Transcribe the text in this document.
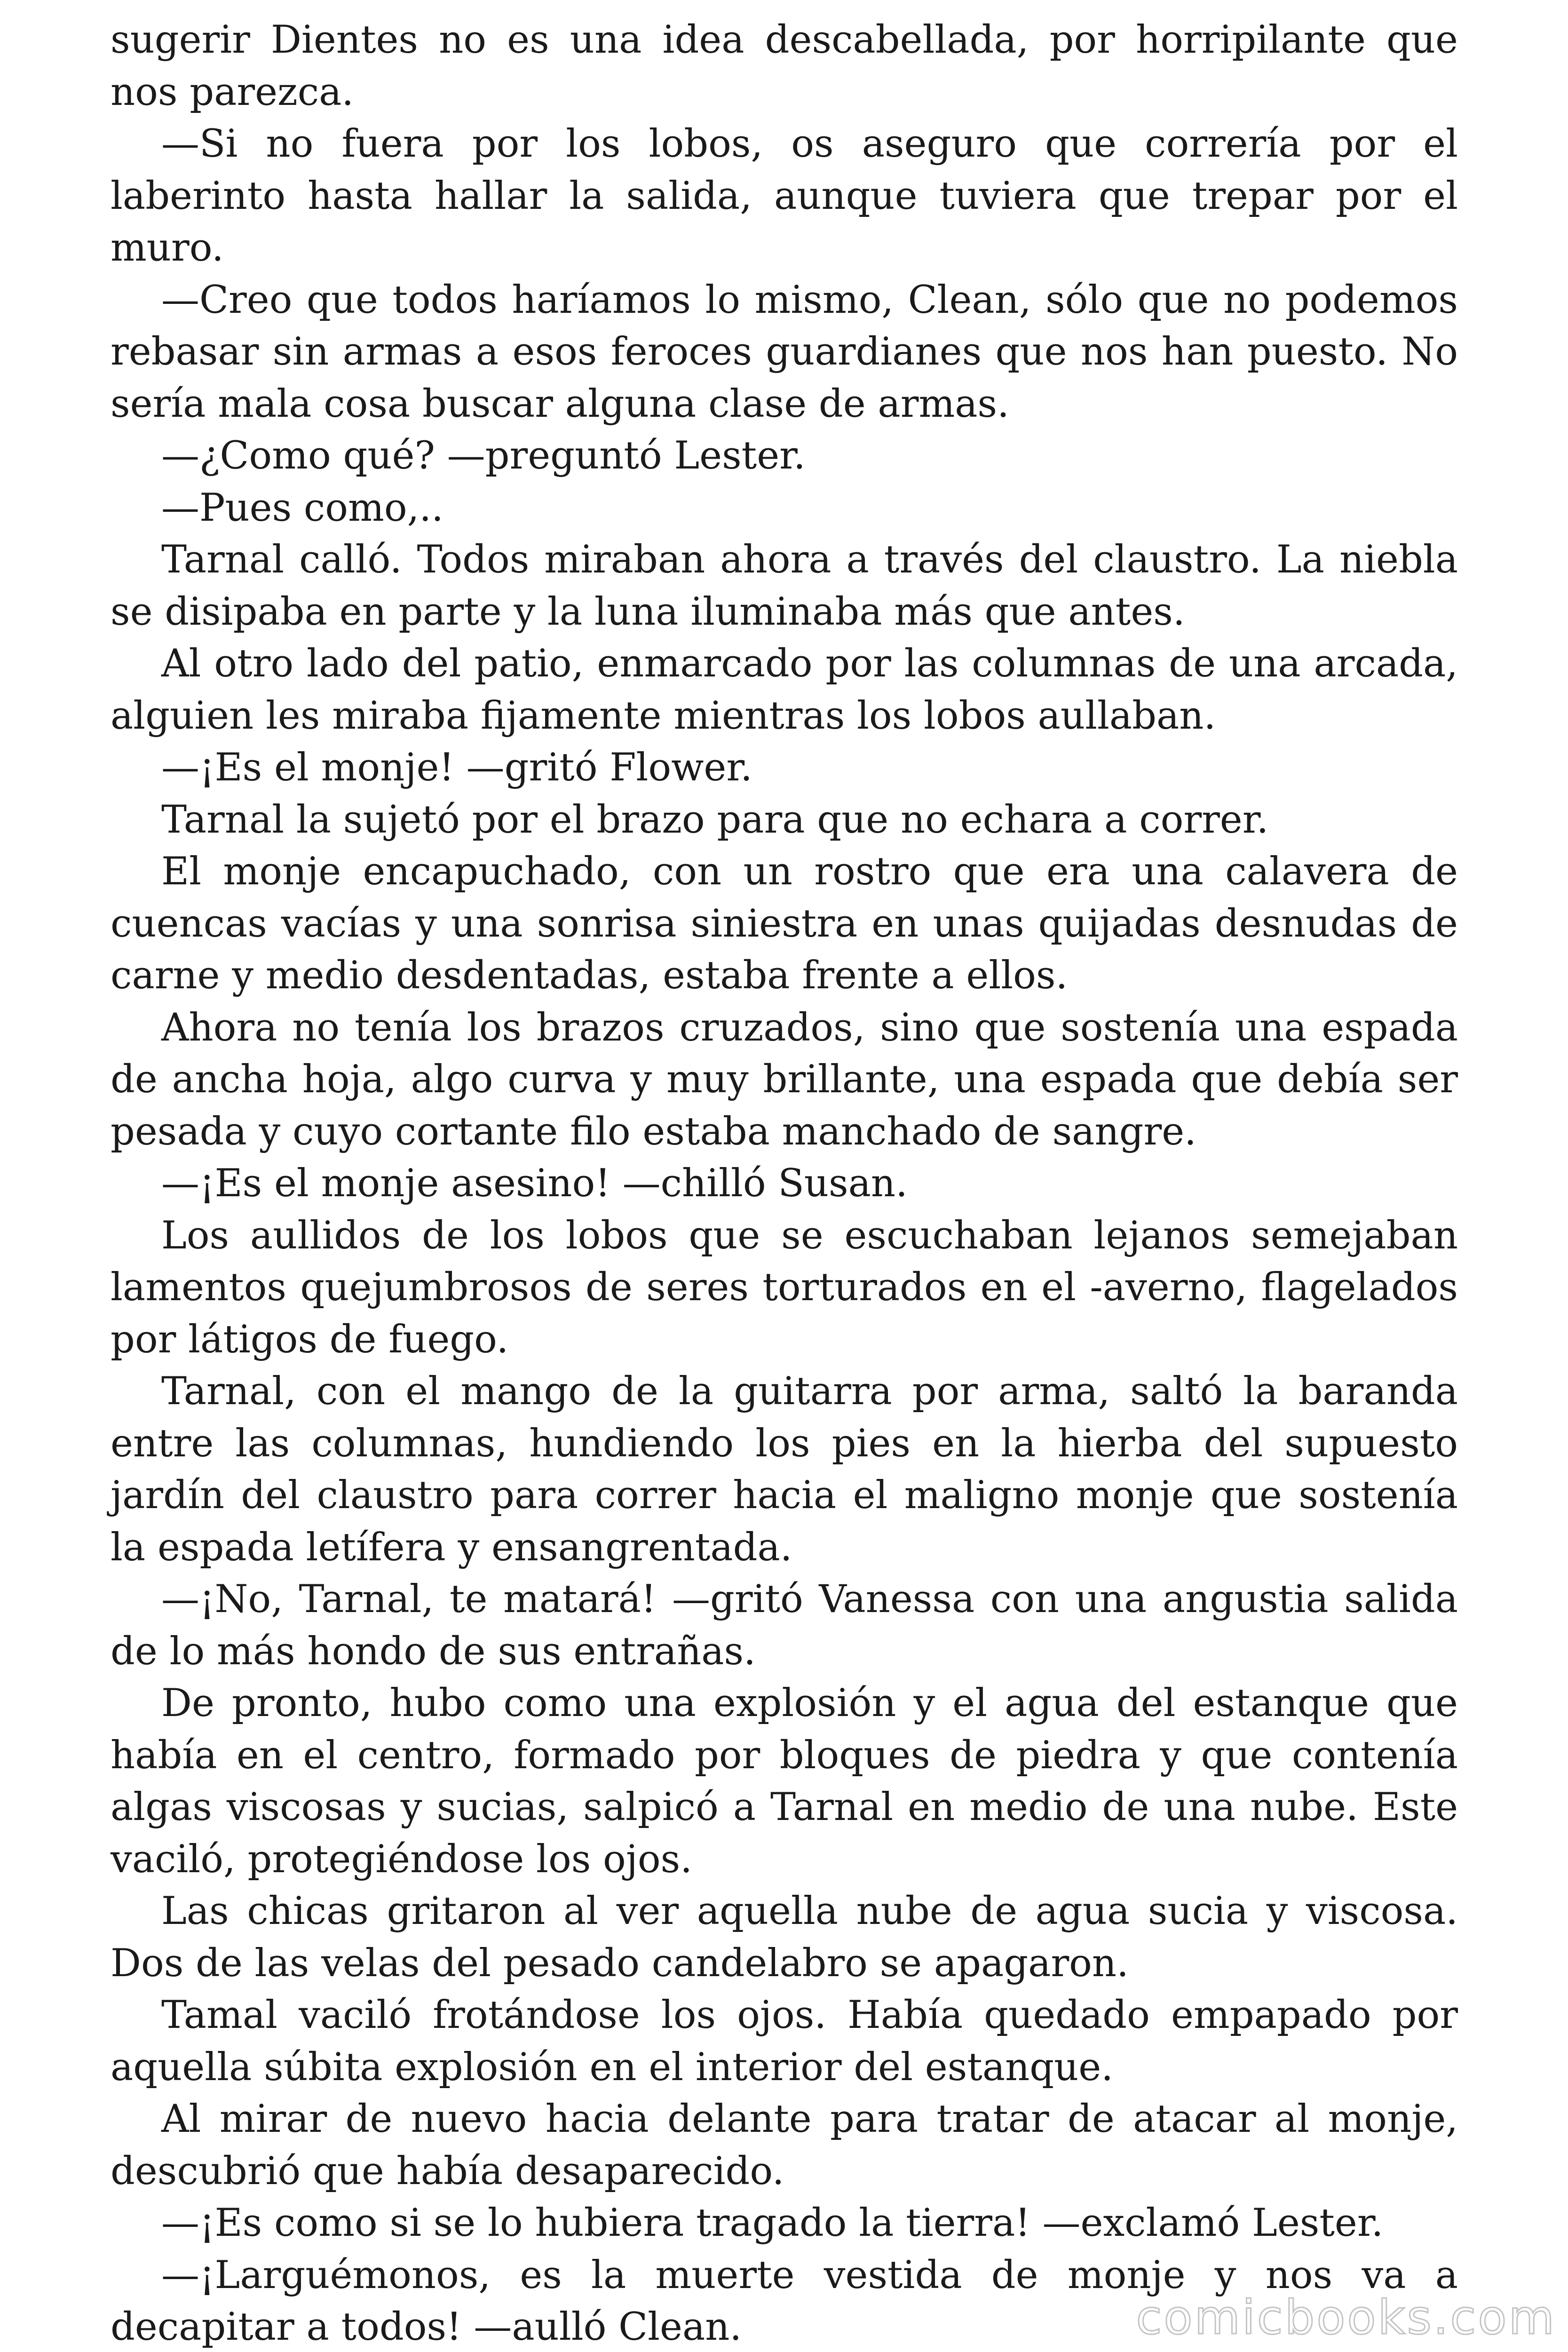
sugerir Dientes no es una idea descabellada, por horripilante que nos parezca.

—Si no fuera por los lobos, os aseguro que correría por el laberinto hasta hallar la salida, aunque tuviera que trepar por el muro.

—Creo que todos haríamos lo mismo, Clean, sólo que no podemos rebasar sin armas a esos feroces guardianes que nos han puesto. No sería mala cosa buscar alguna clase de armas.

—¿Como qué? —preguntó Lester.

—Pues como,..

Tarnal calló. Todos miraban ahora a través del claustro. La niebla se disipaba en parte y la luna iluminaba más que antes.

Al otro lado del patio, enmarcado por las columnas de una arcada, alguien les miraba fijamente mientras los lobos aullaban.

—¡Es el monje! —gritó Flower.

Tarnal la sujetó por el brazo para que no echara a correr.

El monje encapuchado, con un rostro que era una calavera de cuencas vacías y una sonrisa siniestra en unas quijadas desnudas de carne y medio desdentadas, estaba frente a ellos.

Ahora no tenía los brazos cruzados, sino que sostenía una espada de ancha hoja, algo curva y muy brillante, una espada que debía ser pesada y cuyo cortante filo estaba manchado de sangre.

—¡Es el monje asesino! —chilló Susan.

Los aullidos de los lobos que se escuchaban lejanos semejaban lamentos quejumbrosos de seres torturados en el -averno, flagelados por látigos de fuego.

Tarnal, con el mango de la guitarra por arma, saltó la baranda entre las columnas, hundiendo los pies en la hierba del supuesto jardín del claustro para correr hacia el maligno monje que sostenía la espada letífera y ensangrentada.

—¡No, Tarnal, te matará! —gritó Vanessa con una angustia salida de lo más hondo de sus entrañas.

De pronto, hubo como una explosión y el agua del estanque que había en el centro, formado por bloques de piedra y que contenía algas viscosas y sucias, salpicó a Tarnal en medio de una nube. Este vaciló, protegiéndose los ojos.

Las chicas gritaron al ver aquella nube de agua sucia y viscosa. Dos de las velas del pesado candelabro se apagaron.

Tamal vaciló frotándose los ojos. Había quedado empapado por aquella súbita explosión en el interior del estanque.

Al mirar de nuevo hacia delante para tratar de atacar al monje, descubrió que había desaparecido.

—¡Es como si se lo hubiera tragado la tierra! —exclamó Lester.

—¡Larguémonos, es la muerte vestida de monje y nos va a decapitar a todos! —aulló Clean.	comicbooks.com
